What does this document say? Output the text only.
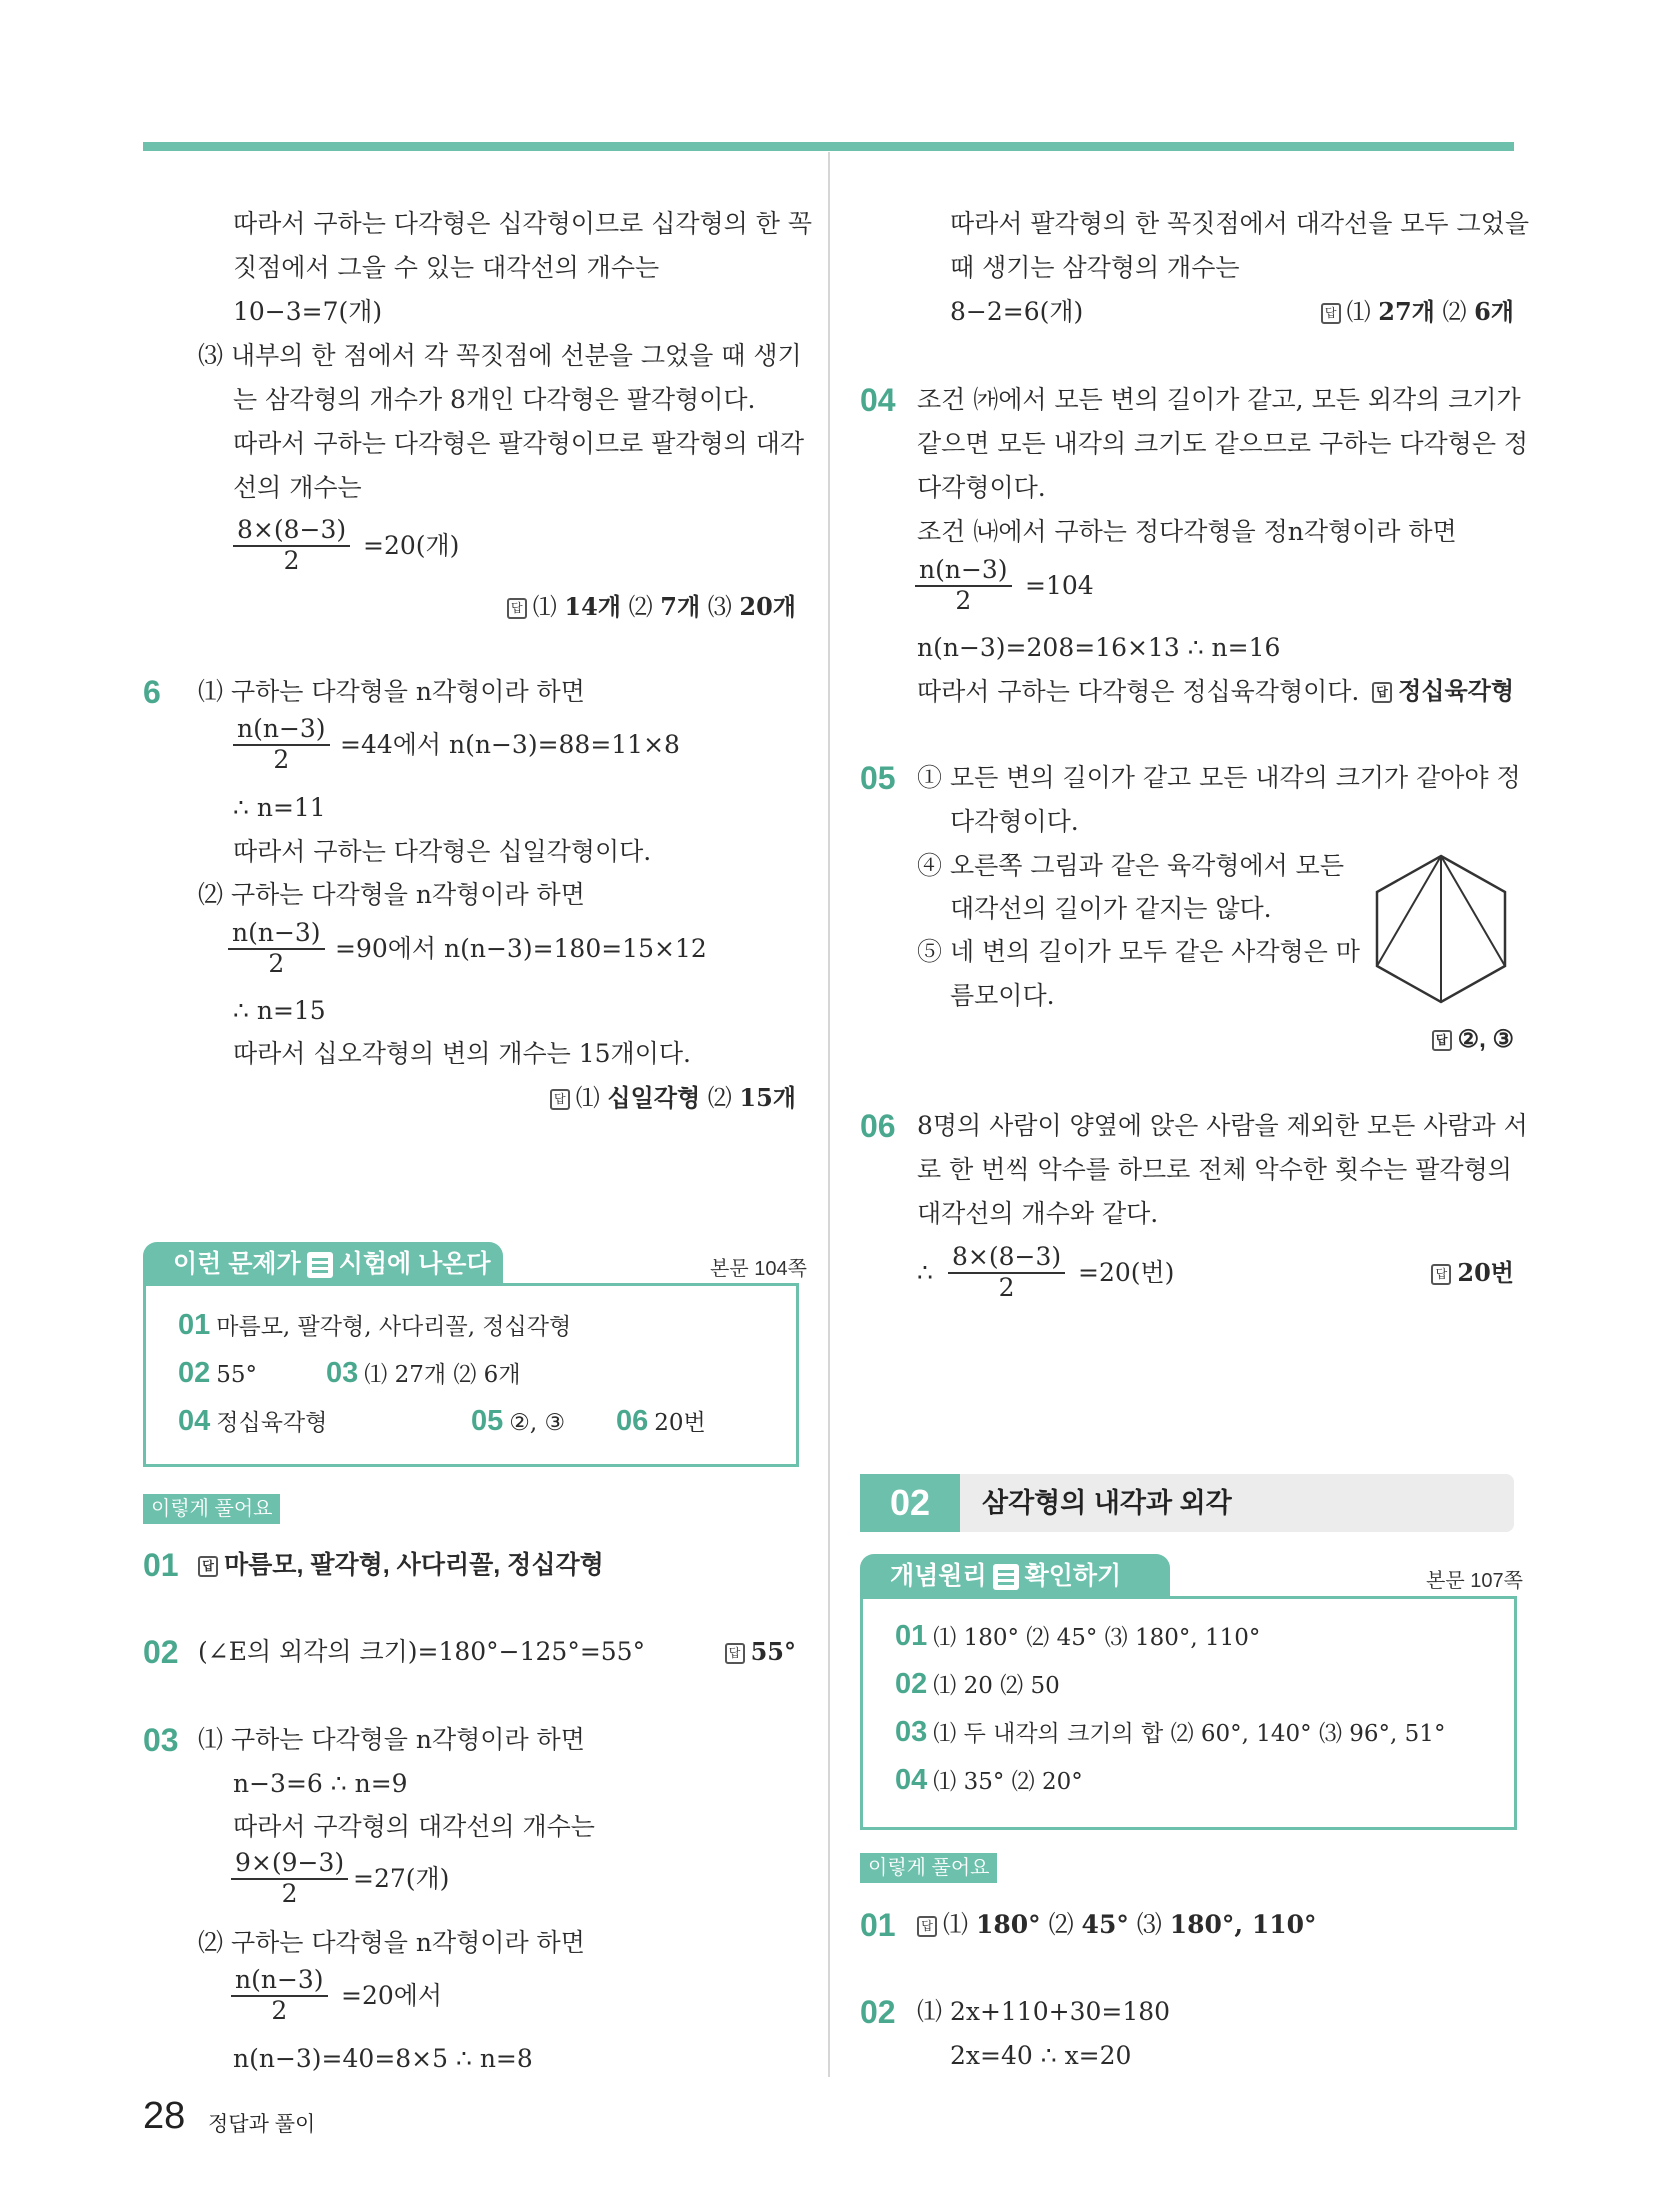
따라서 구하는 다각형은 십각형이므로 십각형의 한 꼭
짓점에서 그을 수 있는 대각선의 개수는
10−3=7(개)
⑶ 내부의 한 점에서 각 꼭짓점에 선분을 그었을 때 생기
는 삼각형의 개수가 8개인 다각형은 팔각형이다.
따라서 구하는 다각형은 팔각형이므로 팔각형의 대각
선의 개수는
$\frac{8\times(8-3)}{2} =20$(개)
답 ⑴ 14개 ⑵ 7개 ⑶ 20개
6 ⑴ 구하는 다각형을 n각형이라 하면
$\frac{n(n-3)}{2} =44$에서 n(n−3)=88=11×8
∴ n=11
따라서 구하는 다각형은 십일각형이다.
⑵ 구하는 다각형을 n각형이라 하면
$\frac{n(n-3)}{2} =90$에서 n(n−3)=180=15×12
∴ n=15
따라서 십오각형의 변의 개수는 15개이다.
답 ⑴ 십일각형 ⑵ 15개
이런 문제가 시험에 나온다	본문 104쪽
01 마름모, 팔각형, 사다리꼴, 정십각형
02 55° 03 ⑴ 27개 ⑵ 6개
04 정십육각형	05 ②, ③ 06 20번
이렇게 풀어요
01	답 마름모, 팔각형, 사다리꼴, 정십각형
02 (∠E의 외각의 크기)=180°−125°=55°	답 55°
03 ⑴ 구하는 다각형을 n각형이라 하면
n−3=6 ∴ n=9
따라서 구각형의 대각선의 개수는
$\frac{9\times(9-3)}{2} =27$(개)
⑵ 구하는 다각형을 n각형이라 하면
$\frac{n(n-3)}{2} =20$에서
n(n−3)=40=8×5 ∴ n=8
따라서 팔각형의 한 꼭짓점에서 대각선을 모두 그었을
때 생기는 삼각형의 개수는
8−2=6(개)	답 ⑴ 27개 ⑵ 6개
04 조건 ㈎에서 모든 변의 길이가 같고, 모든 외각의 크기가
같으면 모든 내각의 크기도 같으므로 구하는 다각형은 정
다각형이다.
조건 ㈏에서 구하는 정다각형을 정n각형이라 하면
$\frac{n(n-3)}{2} =104$
n(n−3)=208=16×13 ∴ n=16
따라서 구하는 다각형은 정십육각형이다.	답 정십육각형
05 ① 모든 변의 길이가 같고 모든 내각의 크기가 같아야 정
다각형이다.
④ 오른쪽 그림과 같은 육각형에서 모든
대각선의 길이가 같지는 않다.
⑤ 네 변의 길이가 모두 같은 사각형은 마
름모이다.
답 ②, ③
06 8명의 사람이 양옆에 앉은 사람을 제외한 모든 사람과 서
로 한 번씩 악수를 하므로 전체 악수한 횟수는 팔각형의
대각선의 개수와 같다.
∴ $\frac{8\times(8-3)}{2} =20$(번)	답 20번
02	삼각형의 내각과 외각
개념원리 확인하기	본문 107쪽
01 ⑴ 180° ⑵ 45° ⑶ 180°, 110°
02 ⑴ 20 ⑵ 50
03 ⑴ 두 내각의 크기의 합 ⑵ 60°, 140° ⑶ 96°, 51°
04 ⑴ 35° ⑵ 20°
이렇게 풀어요
01	답 ⑴ 180° ⑵ 45° ⑶ 180°, 110°
02 ⑴ 2x+110+30=180
2x=40 ∴ x=20
28 정답과 풀이
